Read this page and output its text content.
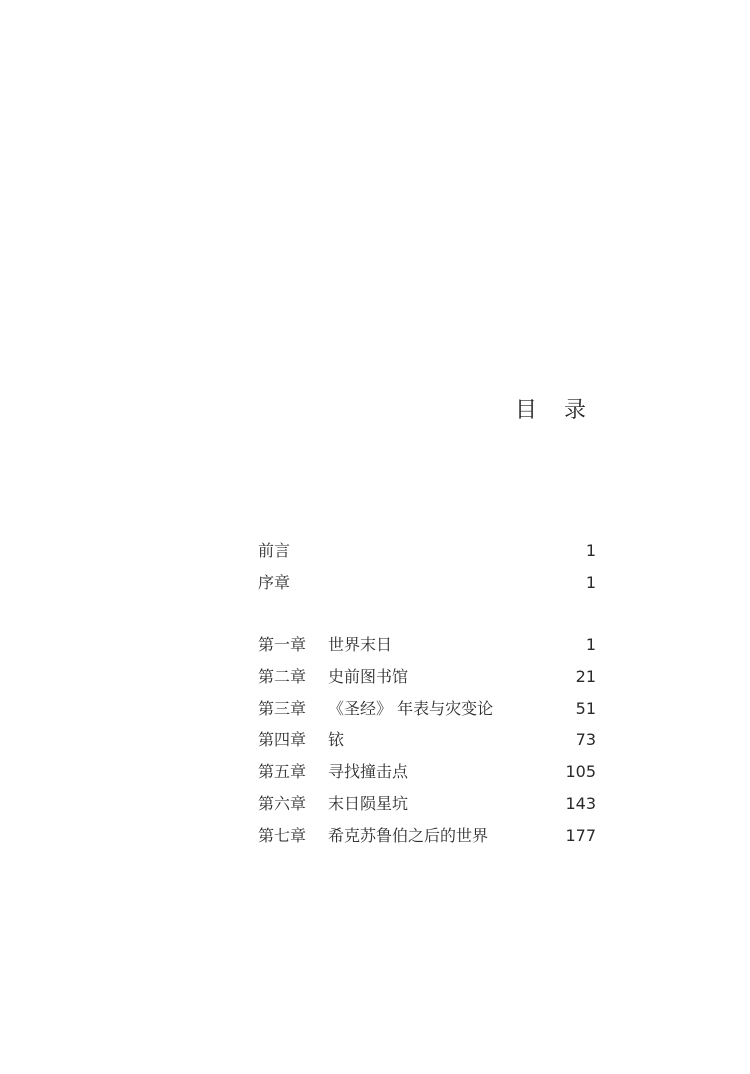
目 录
前言	1
序章	1
第一章 世界末日	1
第二章 史前图书馆	21
第三章 《圣经》 年表与灾变论	51
第四章 铱	73
第五章 寻找撞击点	105
第六章 末日陨星坑	143
第七章 希克苏鲁伯之后的世界	177
